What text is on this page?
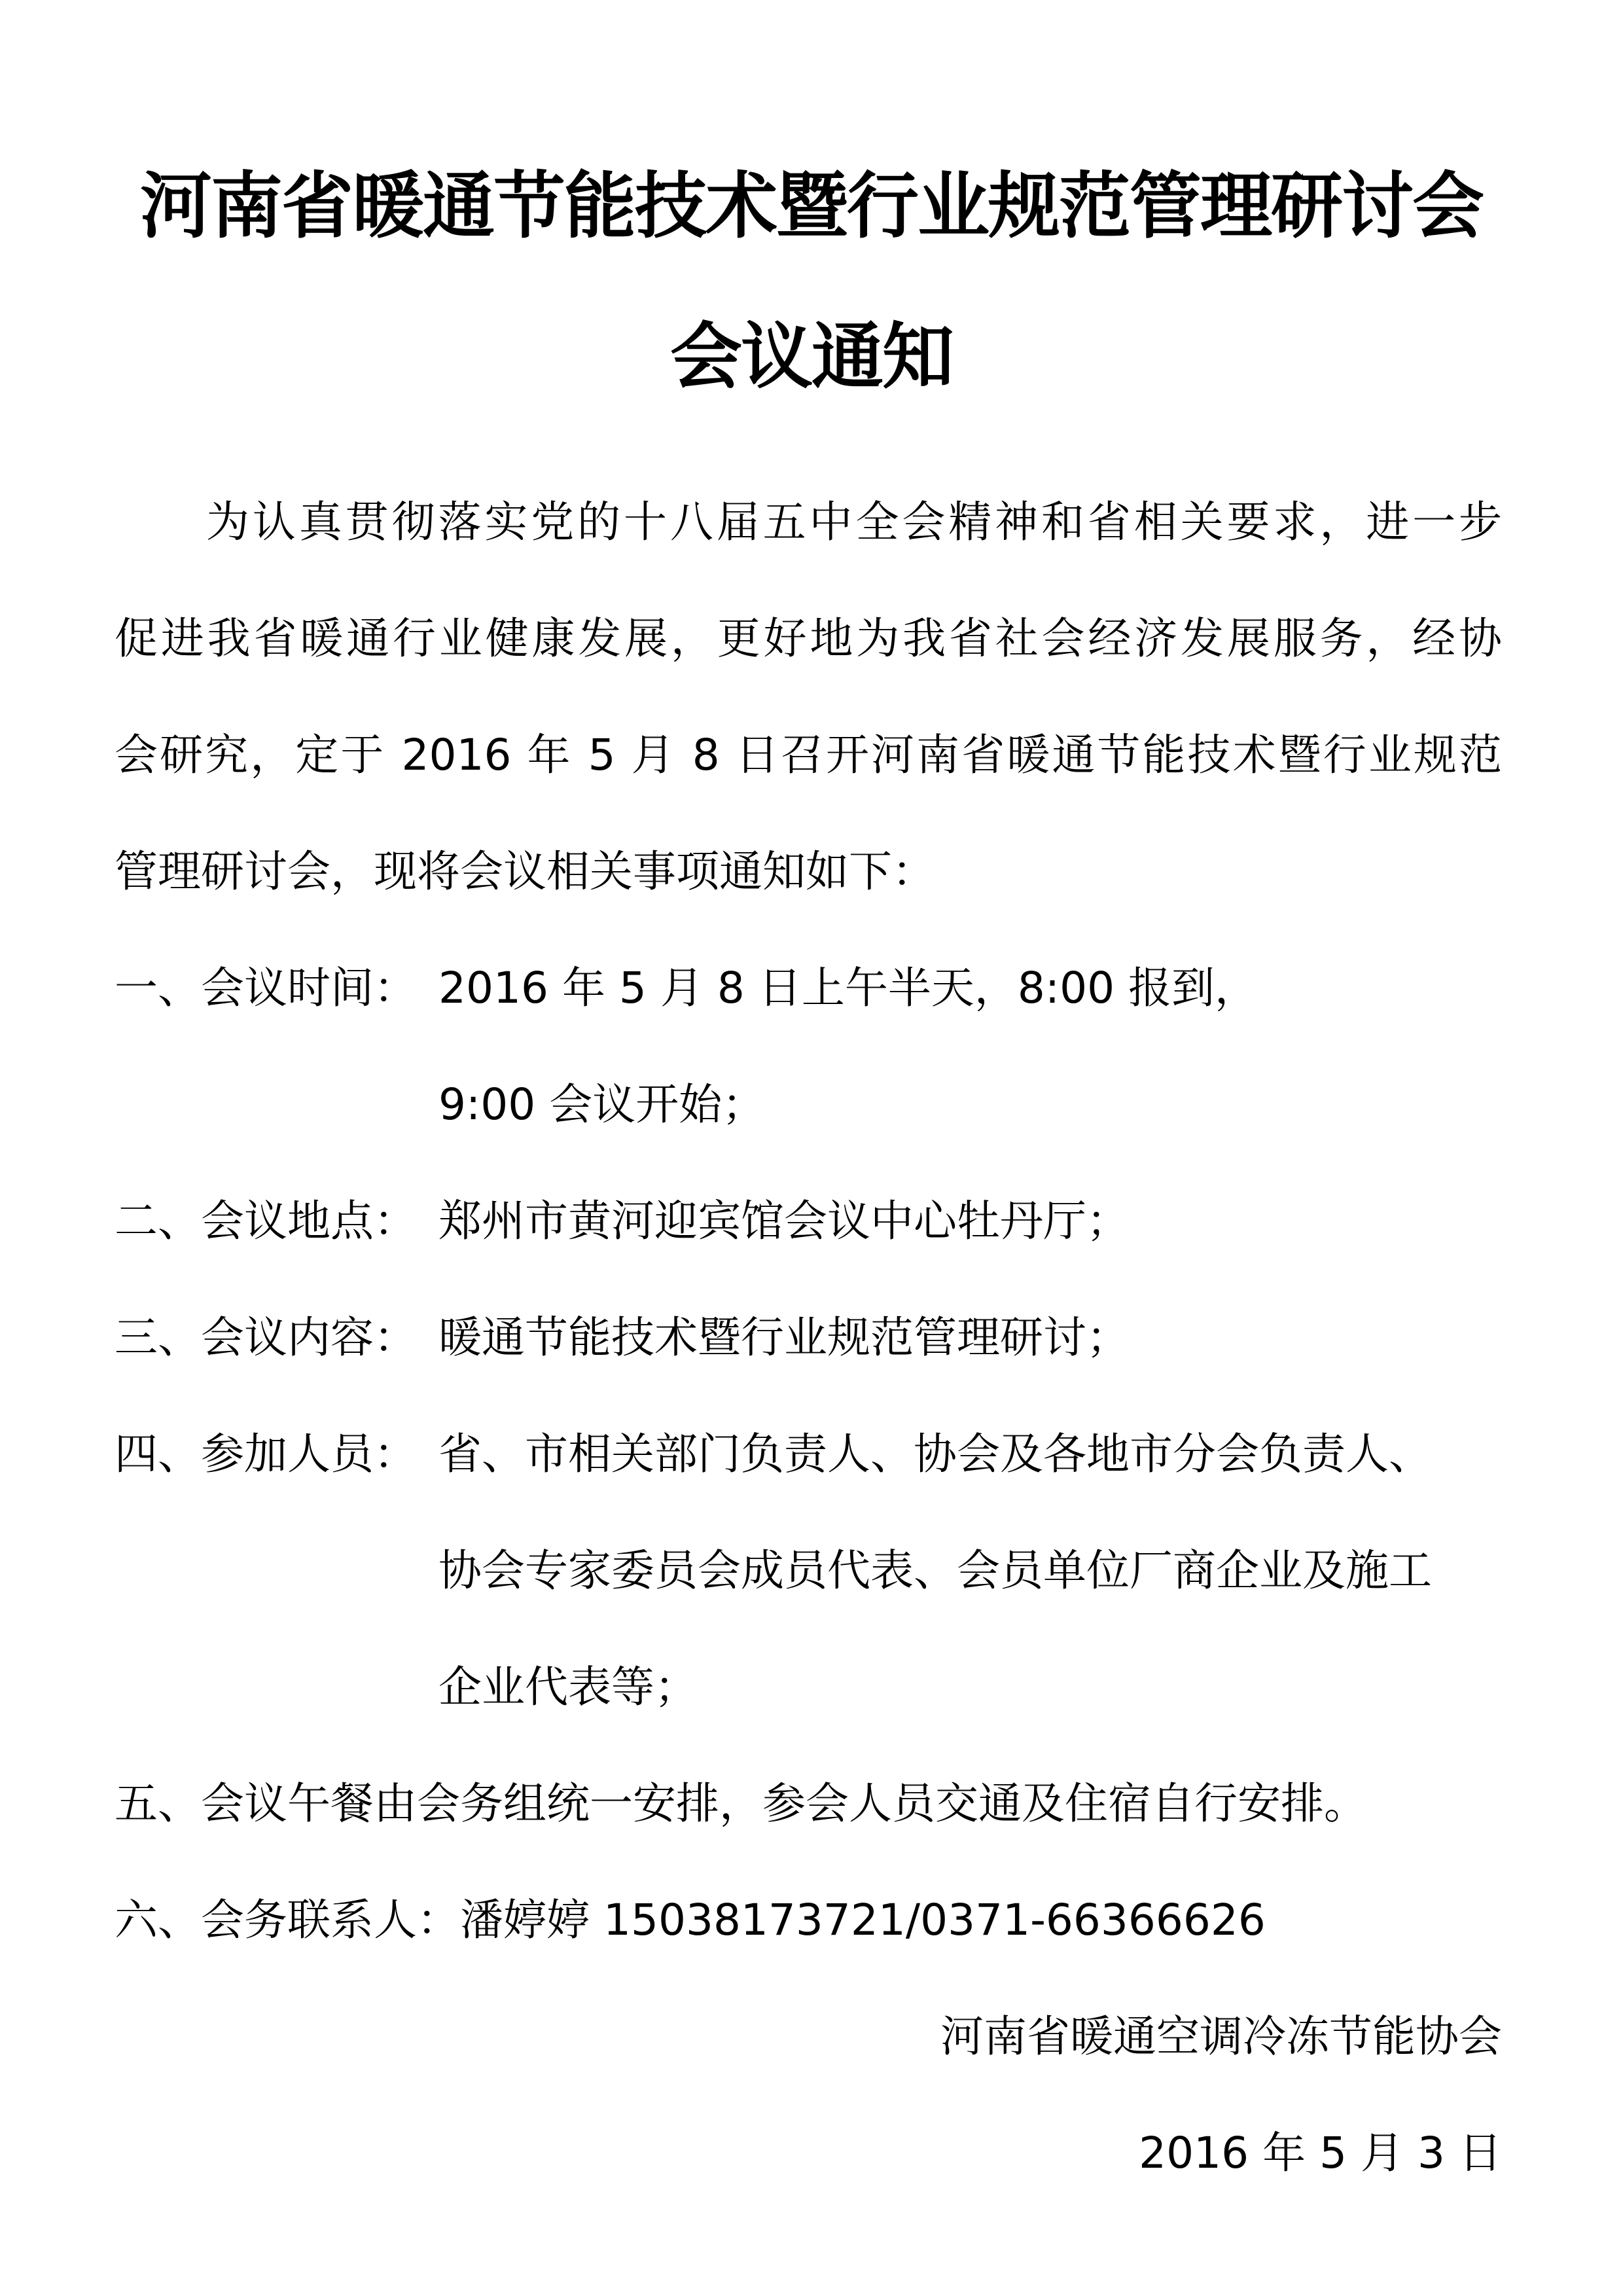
河南省暖通节能技术暨行业规范管理研讨会
会议通知
为认真贯彻落实党的十八届五中全会精神和省相关要求，进一步
促进我省暖通行业健康发展，更好地为我省社会经济发展服务，经协
会研究，定于 2016 年 5 月 8 日召开河南省暖通节能技术暨行业规范
管理研讨会，现将会议相关事项通知如下：
一、会议时间： 2016 年 5 月 8 日上午半天，8:00 报到，
9:00 会议开始；
二、会议地点： 郑州市黄河迎宾馆会议中心牡丹厅；
三、会议内容： 暖通节能技术暨行业规范管理研讨；
四、参加人员： 省、市相关部门负责人、协会及各地市分会负责人、
协会专家委员会成员代表、会员单位厂商企业及施工
企业代表等；
五、会议午餐由会务组统一安排，参会人员交通及住宿自行安排。
六、会务联系人：潘婷婷 15038173721/0371-66366626
河南省暖通空调冷冻节能协会
2016 年 5 月 3 日
